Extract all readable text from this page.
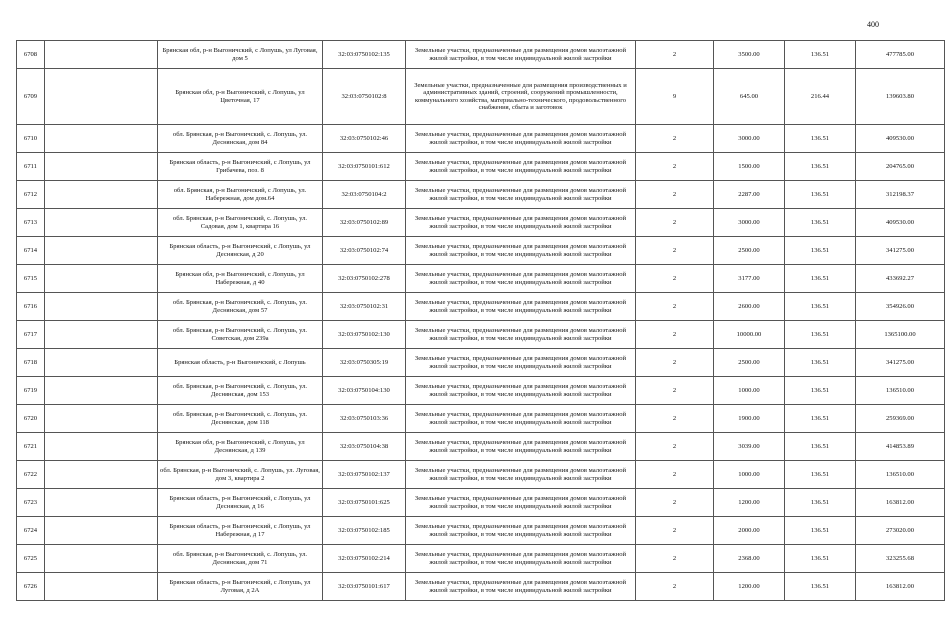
400
6708		Брянская обл, р-н Выгоничский, с Лопушь, ул Луговая, дом 5	32:03:0750102:135	Земельные участки, предназначенные для размещения домов малоэтажной жилой застройки, в том числе индивидуальной жилой застройки	2	3500.00	136.51	477785.00
6709		Брянская обл, р-н Выгоничский, с Лопушь, ул Цветочная, 17	32:03:0750102:8	Земельные участки, предназначенные для размещения производственных и административных зданий, строений, сооружений промышленности, коммунального хозяйства, материально-технического, продовольственного снабжения, сбыта и заготовок	9	645.00	216.44	139603.80
6710		обл. Брянская, р-н Выгоничский, с. Лопушь, ул. Деснянская, дом 84	32:03:0750102:46	Земельные участки, предназначенные для размещения домов малоэтажной жилой застройки, в том числе индивидуальной жилой застройки	2	3000.00	136.51	409530.00
6711		Брянская область, р-н Выгоничский, с Лопушь, ул Грибачева, поз. 8	32:03:0750101:612	Земельные участки, предназначенные для размещения домов малоэтажной жилой застройки, в том числе индивидуальной жилой застройки	2	1500.00	136.51	204765.00
6712		обл. Брянская, р-н Выгоничский, с Лопушь, ул. Набережная, дом дом.64	32:03:0750104:2	Земельные участки, предназначенные для размещения домов малоэтажной жилой застройки, в том числе индивидуальной жилой застройки	2	2287.00	136.51	312198.37
6713		обл. Брянская, р-н Выгоничский, с. Лопушь, ул. Садовая, дом 1, квартира 16	32:03:0750102:89	Земельные участки, предназначенные для размещения домов малоэтажной жилой застройки, в том числе индивидуальной жилой застройки	2	3000.00	136.51	409530.00
6714		Брянская область, р-н Выгоничский, с Лопушь, ул Деснянская, д 20	32:03:0750102:74	Земельные участки, предназначенные для размещения домов малоэтажной жилой застройки, в том числе индивидуальной жилой застройки	2	2500.00	136.51	341275.00
6715		Брянская обл, р-н Выгоничский, с Лопушь, ул Набережная, д 40	32:03:0750102:278	Земельные участки, предназначенные для размещения домов малоэтажной жилой застройки, в том числе индивидуальной жилой застройки	2	3177.00	136.51	433692.27
6716		обл. Брянская, р-н Выгоничский, с. Лопушь, ул. Деснянская, дом 57	32:03:0750102:31	Земельные участки, предназначенные для размещения домов малоэтажной жилой застройки, в том числе индивидуальной жилой застройки	2	2600.00	136.51	354926.00
6717		обл. Брянская, р-н Выгоничский, с. Лопушь, ул. Советская, дом 239а	32:03:0750102:130	Земельные участки, предназначенные для размещения домов малоэтажной жилой застройки, в том числе индивидуальной жилой застройки	2	10000.00	136.51	1365100.00
6718		Брянская область, р-н Выгоничский, с Лопушь	32:03:0750305:19	Земельные участки, предназначенные для размещения домов малоэтажной жилой застройки, в том числе индивидуальной жилой застройки	2	2500.00	136.51	341275.00
6719		обл. Брянская, р-н Выгоничский, с. Лопушь, ул. Деснянская, дом 153	32:03:0750104:130	Земельные участки, предназначенные для размещения домов малоэтажной жилой застройки, в том числе индивидуальной жилой застройки	2	1000.00	136.51	136510.00
6720		обл. Брянская, р-н Выгоничский, с. Лопушь, ул. Деснянская, дом 118	32:03:0750103:36	Земельные участки, предназначенные для размещения домов малоэтажной жилой застройки, в том числе индивидуальной жилой застройки	2	1900.00	136.51	259369.00
6721		Брянская обл, р-н Выгоничский, с Лопушь, ул Деснянская, д 139	32:03:0750104:38	Земельные участки, предназначенные для размещения домов малоэтажной жилой застройки, в том числе индивидуальной жилой застройки	2	3039.00	136.51	414853.89
6722		обл. Брянская, р-н Выгоничский, с. Лопушь, ул. Луговая, дом 3, квартира 2	32:03:0750102:137	Земельные участки, предназначенные для размещения домов малоэтажной жилой застройки, в том числе индивидуальной жилой застройки	2	1000.00	136.51	136510.00
6723		Брянская область, р-н Выгоничский, с Лопушь, ул Деснянская, д 16	32:03:0750101:625	Земельные участки, предназначенные для размещения домов малоэтажной жилой застройки, в том числе индивидуальной жилой застройки	2	1200.00	136.51	163812.00
6724		Брянская область, р-н Выгоничский, с Лопушь, ул Набережная, д 17	32:03:0750102:185	Земельные участки, предназначенные для размещения домов малоэтажной жилой застройки, в том числе индивидуальной жилой застройки	2	2000.00	136.51	273020.00
6725		обл. Брянская, р-н Выгоничский, с. Лопушь, ул. Деснянская, дом 71	32:03:0750102:214	Земельные участки, предназначенные для размещения домов малоэтажной жилой застройки, в том числе индивидуальной жилой застройки	2	2368.00	136.51	323255.68
6726		Брянская область, р-н Выгоничский, с Лопушь, ул Луговая, д 2А	32:03:0750101:617	Земельные участки, предназначенные для размещения домов малоэтажной жилой застройки, в том числе индивидуальной жилой застройки	2	1200.00	136.51	163812.00
